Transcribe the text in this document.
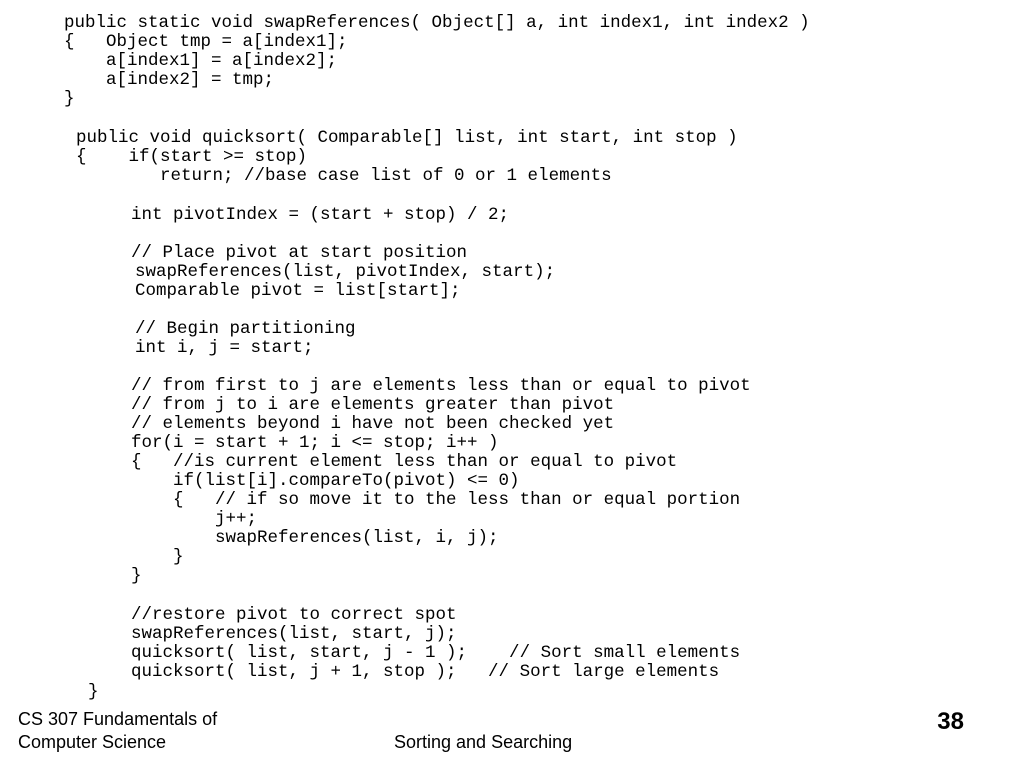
public static void swapReferences( Object[] a, int index1, int index2 )
{   Object tmp = a[index1];
a[index1] = a[index2];
a[index2] = tmp;
}
public void quicksort( Comparable[] list, int start, int stop )
{    if(start >= stop)
return; //base case list of 0 or 1 elements
int pivotIndex = (start + stop) / 2;
// Place pivot at start position
swapReferences(list, pivotIndex, start);
Comparable pivot = list[start];
// Begin partitioning
int i, j = start;
// from first to j are elements less than or equal to pivot
// from j to i are elements greater than pivot
// elements beyond i have not been checked yet
for(i = start + 1; i <= stop; i++ )
{   //is current element less than or equal to pivot
if(list[i].compareTo(pivot) <= 0)
{   // if so move it to the less than or equal portion
j++;
swapReferences(list, i, j);
}
}
//restore pivot to correct spot
swapReferences(list, start, j);
quicksort( list, start, j - 1 );    // Sort small elements
quicksort( list, j + 1, stop );   // Sort large elements
}
CS 307 Fundamentals of
Computer Science	Sorting and Searching
38
